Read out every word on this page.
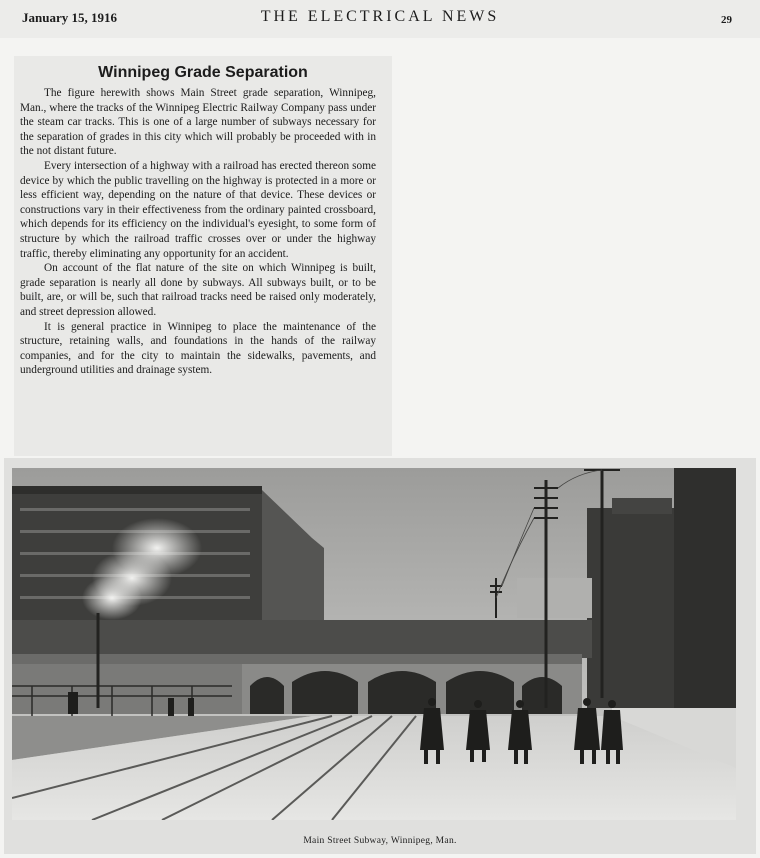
January 15, 1916	THE ELECTRICAL NEWS	29
Winnipeg Grade Separation

The figure herewith shows Main Street grade separation, Winnipeg, Man., where the tracks of the Winnipeg Electric Railway Company pass under the steam car tracks. This is one of a large number of subways necessary for the separation of grades in this city which will probably be proceeded with in the not distant future.

Every intersection of a highway with a railroad has erected thereon some device by which the public travelling on the highway is protected in a more or less efficient way, depending on the nature of that device. These devices or constructions vary in their effectiveness from the ordinary painted crossboard, which depends for its efficiency on the individual's eyesight, to some form of structure by which the railroad traffic crosses over or under the highway traffic, thereby eliminating any opportunity for an accident.

On account of the flat nature of the site on which Winnipeg is built, grade separation is nearly all done by subways. All subways built, or to be built, are, or will be, such that railroad tracks need be raised only moderately, and street depression allowed.

It is general practice in Winnipeg to place the maintenance of the structure, retaining walls, and foundations in the hands of the railway companies, and for the city to maintain the sidewalks, pavements, and underground utilities and drainage system.

Main Street Subway, Winnipeg, Man.
